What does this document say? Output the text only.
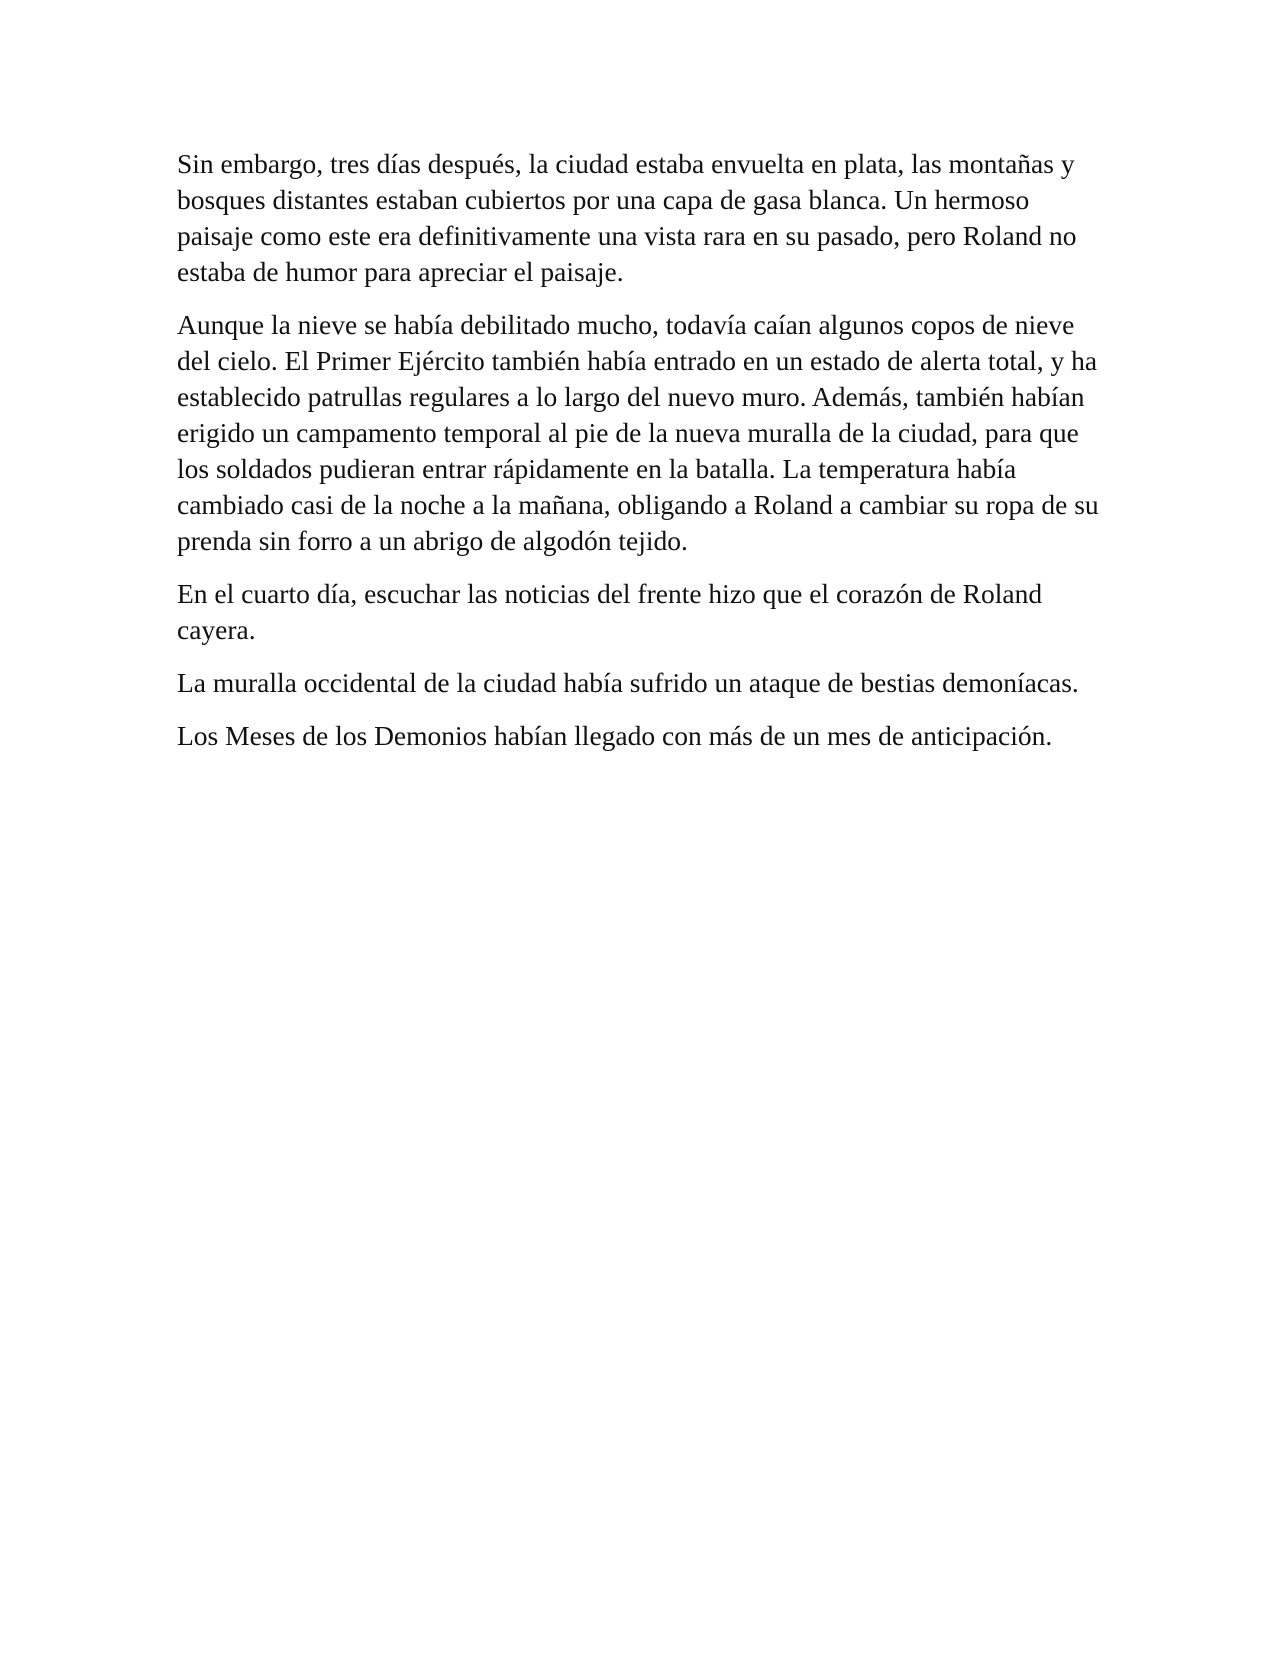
Sin embargo, tres días después, la ciudad estaba envuelta en plata, las montañas y bosques distantes estaban cubiertos por una capa de gasa blanca. Un hermoso paisaje como este era definitivamente una vista rara en su pasado, pero Roland no estaba de humor para apreciar el paisaje.

Aunque la nieve se había debilitado mucho, todavía caían algunos copos de nieve del cielo. El Primer Ejército también había entrado en un estado de alerta total, y ha establecido patrullas regulares a lo largo del nuevo muro. Además, también habían erigido un campamento temporal al pie de la nueva muralla de la ciudad, para que los soldados pudieran entrar rápidamente en la batalla. La temperatura había cambiado casi de la noche a la mañana, obligando a Roland a cambiar su ropa de su prenda sin forro a un abrigo de algodón tejido.

En el cuarto día, escuchar las noticias del frente hizo que el corazón de Roland cayera.

La muralla occidental de la ciudad había sufrido un ataque de bestias demoníacas.

Los Meses de los Demonios habían llegado con más de un mes de anticipación.
